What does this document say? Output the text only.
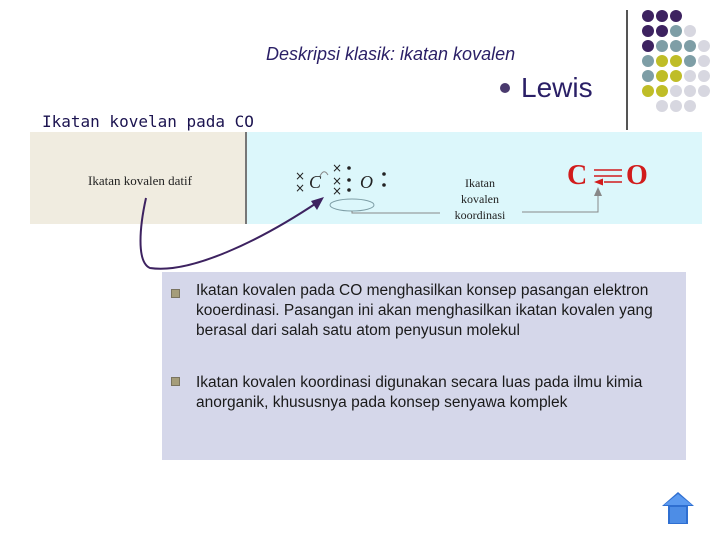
Deskripsi klasik: ikatan kovalen
Lewis
Ikatan kovelan pada CO
Ikatan kovalen datif	Ikatan
kovalen
koordinasi
C O
×
× C
×
×
× O
Ikatan kovalen pada CO menghasilkan konsep pasangan elektron kooerdinasi. Pasangan ini akan menghasilkan ikatan kovalen yang berasal dari salah satu atom penyusun molekul
Ikatan kovalen koordinasi digunakan secara luas pada ilmu kimia anorganik, khususnya pada konsep senyawa komplek
